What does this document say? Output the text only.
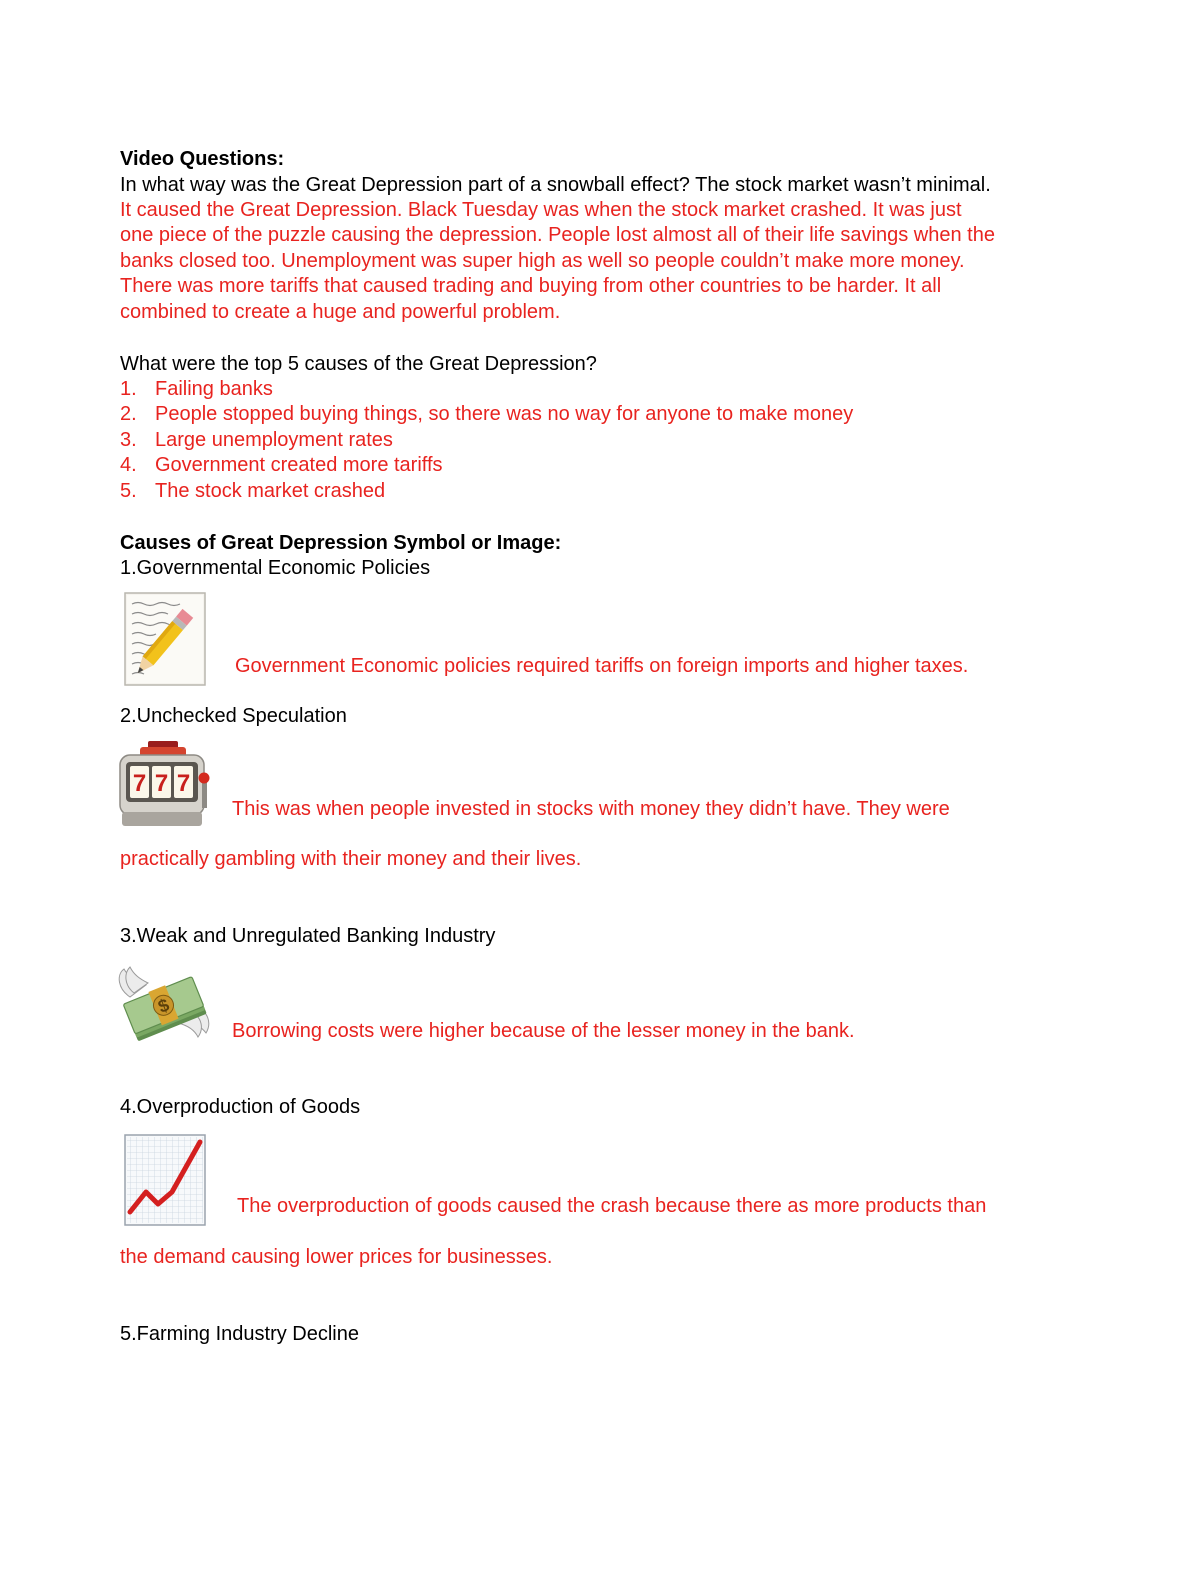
Video Questions:
In what way was the Great Depression part of a snowball effect? The stock market wasn’t minimal.
It caused the Great Depression. Black Tuesday was when the stock market crashed. It was just
one piece of the puzzle causing the depression. People lost almost all of their life savings when the
banks closed too. Unemployment was super high as well so people couldn’t make more money.
There was more tariffs that caused trading and buying from other countries to be harder. It all
combined to create a huge and powerful problem.
What were the top 5 causes of the Great Depression?
1. Failing banks
2. People stopped buying things, so there was no way for anyone to make money
3. Large unemployment rates
4. Government created more tariffs
5. The stock market crashed
Causes of Great Depression Symbol or Image:
1.Governmental Economic Policies
Government Economic policies required tariffs on foreign imports and higher taxes.
2.Unchecked Speculation
7 7 7
This was when people invested in stocks with money they didn’t have. They were
practically gambling with their money and their lives.
3.Weak and Unregulated Banking Industry
$
Borrowing costs were higher because of the lesser money in the bank.
4.Overproduction of Goods
The overproduction of goods caused the crash because there as more products than
the demand causing lower prices for businesses.
5.Farming Industry Decline
